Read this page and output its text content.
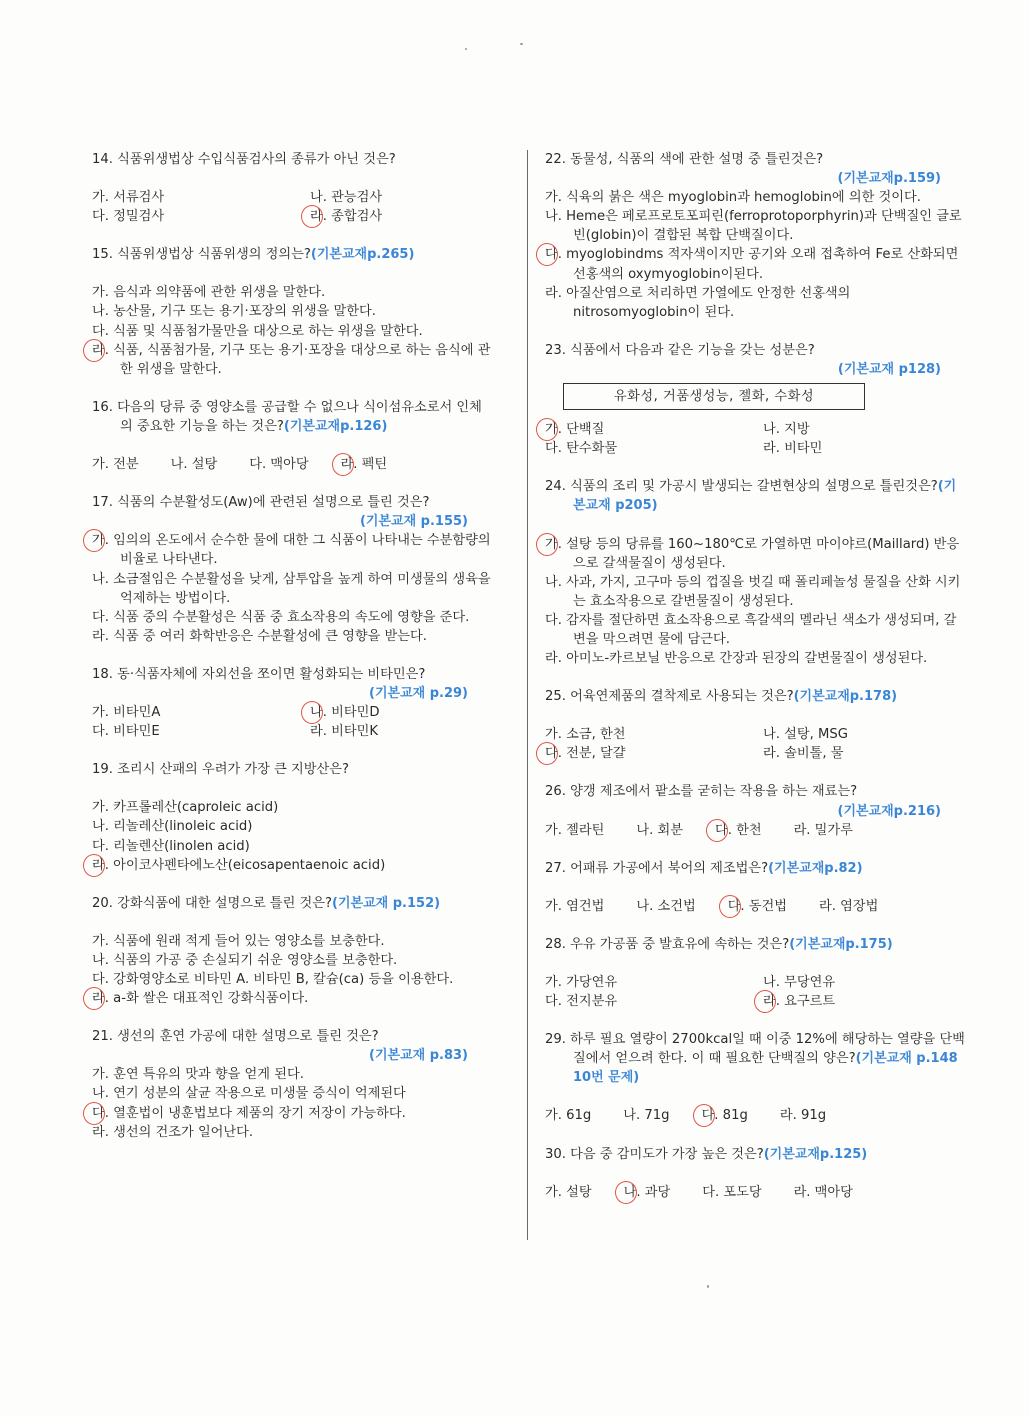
14. 식품위생법상 수입식품검사의 종류가 아닌 것은?
가. 서류검사	나. 관능검사
다. 정밀검사	라. 종합검사
15. 식품위생법상 식품위생의 정의는?(기본교재p.265)
가. 음식과 의약품에 관한 위생을 말한다.
나. 농산물, 기구 또는 용기·포장의 위생을 말한다.
다. 식품 및 식품첨가물만을 대상으로 하는 위생을 말한다.
라. 식품, 식품첨가물, 기구 또는 용기·포장을 대상으로 하는 음식에 관한 위생을 말한다.
16. 다음의 당류 중 영양소를 공급할 수 없으나 식이섬유소로서 인체의 중요한 기능을 하는 것은?(기본교재p.126)
가. 전분 나. 설탕 다. 맥아당 라. 펙틴
17. 식품의 수분활성도(Aw)에 관련된 설명으로 틀린 것은?
(기본교재 p.155)
가. 임의의 온도에서 순수한 물에 대한 그 식품이 나타내는 수분함량의 비율로 나타낸다.
나. 소금절임은 수분활성을 낮게, 삼투압을 높게 하여 미생물의 생육을 억제하는 방법이다.
다. 식품 중의 수분활성은 식품 중 효소작용의 속도에 영향을 준다.
라. 식품 중 여러 화학반응은 수분활성에 큰 영향을 받는다.
18. 동·식품자체에 자외선을 쪼이면 활성화되는 비타민은?
(기본교재 p.29)
가. 비타민A	나. 비타민D
다. 비타민E	라. 비타민K
19. 조리시 산패의 우려가 가장 큰 지방산은?
가. 카프롤레산(caproleic acid)
나. 리놀레산(linoleic acid)
다. 리놀렌산(linolen acid)
라. 아이코사펜타에노산(eicosapentaenoic acid)
20. 강화식품에 대한 설명으로 틀린 것은?(기본교재 p.152)
가. 식품에 원래 적게 들어 있는 영양소를 보충한다.
나. 식품의 가공 중 손실되기 쉬운 영양소를 보충한다.
다. 강화영양소로 비타민 A. 비타민 B, 칼슘(ca) 등을 이용한다.
라. a-화 쌀은 대표적인 강화식품이다.
21. 생선의 훈연 가공에 대한 설명으로 틀린 것은?
(기본교재 p.83)
가. 훈연 특유의 맛과 향을 얻게 된다.
나. 연기 성분의 살균 작용으로 미생물 증식이 억제된다
다. 열훈법이 냉훈법보다 제품의 장기 저장이 가능하다.
라. 생선의 건조가 일어난다.
22. 동물성, 식품의 색에 관한 설명 중 틀린것은?
(기본교재p.159)
가. 식육의 붉은 색은 myoglobin과 hemoglobin에 의한 것이다.
나. Heme은 페로프로토포피린(ferroprotoporphyrin)과 단백질인 글로빈(globin)이 결합된 복합 단백질이다.
다. myoglobindms 적자색이지만 공기와 오래 접촉하여 Fe로 산화되면 선홍색의 oxymyoglobin이된다.
라. 아질산염으로 처리하면 가열에도 안정한 선홍색의 nitrosomyoglobin이 된다.
23. 식품에서 다음과 같은 기능을 갖는 성분은?
(기본교재 p128)
유화성, 거품생성능, 젤화, 수화성
가. 단백질	나. 지방
다. 탄수화물	라. 비타민
24. 식품의 조리 및 가공시 발생되는 갈변현상의 설명으로 틀린것은?(기본교재 p205)
가. 설탕 등의 당류를 160~180℃로 가열하면 마이야르(Maillard) 반응으로 갈색물질이 생성된다.
나. 사과, 가지, 고구마 등의 껍질을 벗길 때 폴리페놀성 물질을 산화 시키는 효소작용으로 갈변물질이 생성된다.
다. 감자를 절단하면 효소작용으로 흑갈색의 멜라닌 색소가 생성되며, 갈변을 막으려면 물에 담근다.
라. 아미노-카르보닐 반응으로 간장과 된장의 갈변물질이 생성된다.
25. 어육연제품의 결착제로 사용되는 것은?(기본교재p.178)
가. 소금, 한천	나. 설탕, MSG
다. 전분, 달걀	라. 솔비톨, 물
26. 양갱 제조에서 팥소를 굳히는 작용을 하는 재료는?
(기본교재p.216)
가. 젤라틴 나. 회분 다. 한천 라. 밀가루
27. 어패류 가공에서 북어의 제조법은?(기본교재p.82)
가. 염건법 나. 소건법 다. 동건법 라. 염장법
28. 우유 가공품 중 발효유에 속하는 것은?(기본교재p.175)
가. 가당연유	나. 무당연유
다. 전지분유	라. 요구르트
29. 하루 필요 열량이 2700kcal일 때 이중 12%에 해당하는 열량을 단백질에서 얻으려 한다. 이 때 필요한 단백질의 양은?(기본교재 p.148 10번 문제)
가. 61g 나. 71g 다. 81g 라. 91g
30. 다음 중 감미도가 가장 높은 것은?(기본교재p.125)
가. 설탕 나. 과당 다. 포도당 라. 맥아당
